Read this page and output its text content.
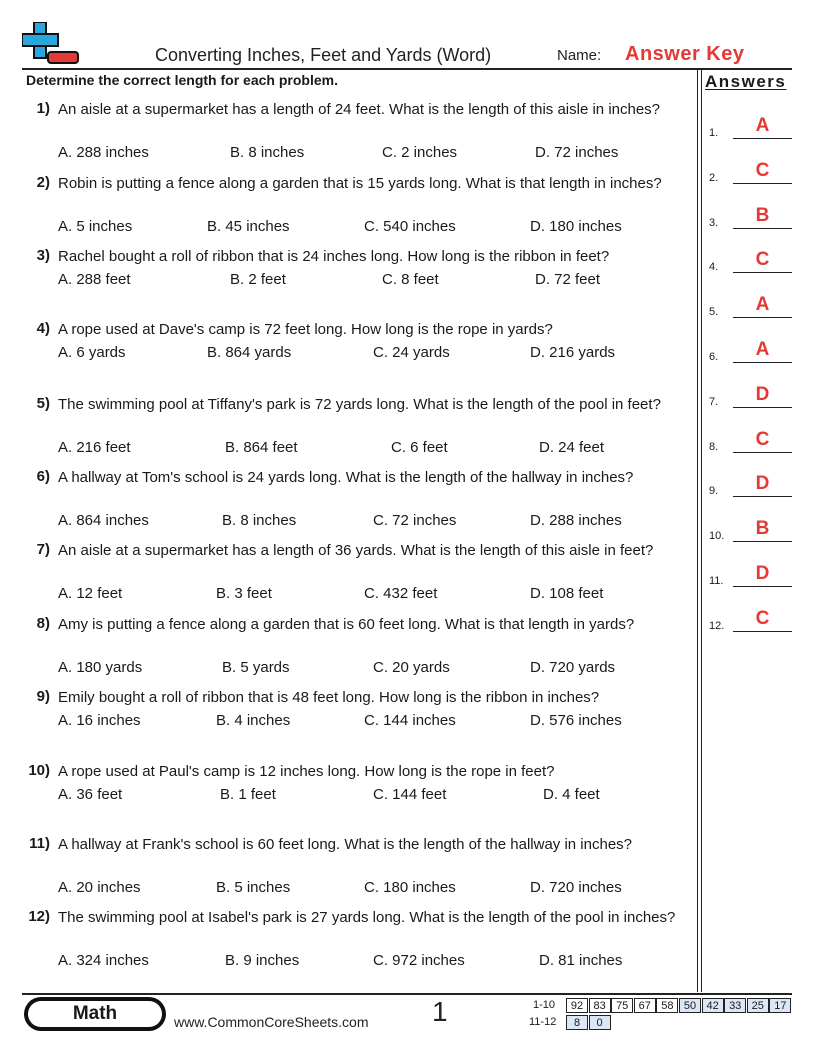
Converting Inches, Feet and Yards (Word)	Name: Answer Key
Determine the correct length for each problem.	Answers
1) An aisle at a supermarket has a length of 24 feet. What is the length of this aisle in inches?
A. 288 inches	B. 8 inches	C. 2 inches	D. 72 inches
2) Robin is putting a fence along a garden that is 15 yards long. What is that length in inches?
A. 5 inches	B. 45 inches	C. 540 inches	D. 180 inches
3) Rachel bought a roll of ribbon that is 24 inches long. How long is the ribbon in feet?
A. 288 feet	B. 2 feet	C. 8 feet	D. 72 feet
4) A rope used at Dave's camp is 72 feet long. How long is the rope in yards?
A. 6 yards	B. 864 yards	C. 24 yards	D. 216 yards
5) The swimming pool at Tiffany's park is 72 yards long. What is the length of the pool in feet?
A. 216 feet	B. 864 feet	C. 6 feet	D. 24 feet
6) A hallway at Tom's school is 24 yards long. What is the length of the hallway in inches?
A. 864 inches	B. 8 inches	C. 72 inches	D. 288 inches
7) An aisle at a supermarket has a length of 36 yards. What is the length of this aisle in feet?
A. 12 feet	B. 3 feet	C. 432 feet	D. 108 feet
8) Amy is putting a fence along a garden that is 60 feet long. What is that length in yards?
A. 180 yards	B. 5 yards	C. 20 yards	D. 720 yards
9) Emily bought a roll of ribbon that is 48 feet long. How long is the ribbon in inches?
A. 16 inches	B. 4 inches	C. 144 inches	D. 576 inches
10) A rope used at Paul's camp is 12 inches long. How long is the rope in feet?
A. 36 feet	B. 1 feet	C. 144 feet	D. 4 feet
11) A hallway at Frank's school is 60 feet long. What is the length of the hallway in inches?
A. 20 inches	B. 5 inches	C. 180 inches	D. 720 inches
12) The swimming pool at Isabel's park is 27 yards long. What is the length of the pool in inches?
A. 324 inches	B. 9 inches	C. 972 inches	D. 81 inches
1.	A
2.	C
3.	B
4.	C
5.	A
6.	A
7.	D
8.	C
9.	D
10.	B
11.	D
12.	C
Math	www.CommonCoreSheets.com 1	1-10	92 83 75 67 58 50 42 33 25 17
11-12	8	0
